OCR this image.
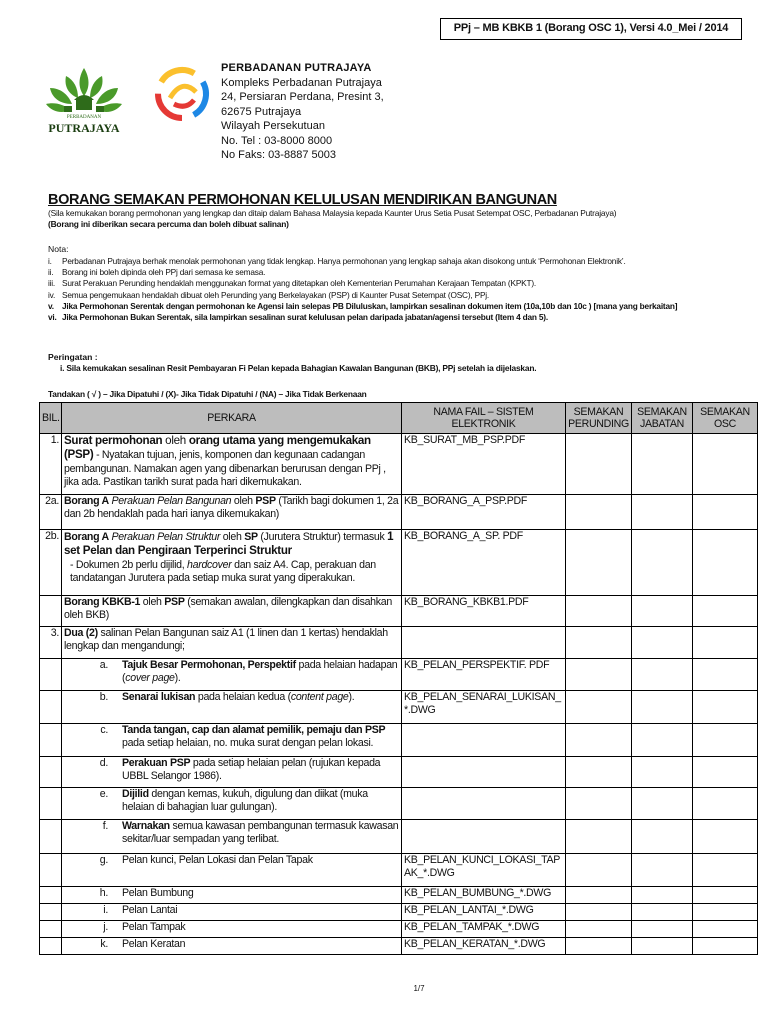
PPj – MB KBKB 1 (Borang OSC 1), Versi 4.0_Mei / 2014
PERBADANAN
PUTRAJAYA
PERBADANAN PUTRAJAYA
Kompleks Perbadanan Putrajaya
24, Persiaran Perdana, Presint 3,
62675 Putrajaya
Wilayah Persekutuan
No. Tel : 03-8000 8000
No Faks: 03-8887 5003
BORANG SEMAKAN PERMOHONAN KELULUSAN MENDIRIKAN BANGUNAN
(Sila kemukakan borang permohonan yang lengkap dan ditaip dalam Bahasa Malaysia kepada Kaunter Urus Setia Pusat Setempat OSC, Perbadanan Putrajaya)
(Borang ini diberikan secara percuma dan boleh dibuat salinan)
Nota:
i.	Perbadanan Putrajaya berhak menolak permohonan yang tidak lengkap. Hanya permohonan yang lengkap sahaja akan disokong untuk ‘Permohonan Elektronik’.
ii.	Borang ini boleh dipinda oleh PPj dari semasa ke semasa.
iii. Surat Perakuan Perunding hendaklah menggunakan format yang ditetapkan oleh Kementerian Perumahan Kerajaan Tempatan (KPKT).
iv. Semua pengemukaan hendaklah dibuat oleh Perunding yang Berkelayakan (PSP) di Kaunter Pusat Setempat (OSC), PPj.
v. Jika Permohonan Serentak dengan permohonan ke Agensi lain selepas PB Diluluskan, lampirkan sesalinan dokumen item (10a,10b dan 10c ) [mana yang berkaitan]
vi. Jika Permohonan Bukan Serentak, sila lampirkan sesalinan surat kelulusan pelan daripada jabatan/agensi tersebut (Item 4 dan 5).
Peringatan :
i. Sila kemukakan sesalinan Resit Pembayaran Fi Pelan kepada Bahagian Kawalan Bangunan (BKB), PPj setelah ia dijelaskan.
Tandakan ( √ ) – Jika Dipatuhi / (X)- Jika Tidak Dipatuhi / (NA) – Jika Tidak Berkenaan
BIL.	PERKARA	NAMA FAIL – SISTEM ELEKTRONIK	SEMAKAN PERUNDING	SEMAKAN JABATAN	SEMAKAN OSC
1.	Surat permohonan oleh orang utama yang mengemukakan (PSP) - Nyatakan tujuan, jenis, komponen dan kegunaan cadangan pembangunan. Namakan agen yang dibenarkan berurusan dengan PPj , jika ada. Pastikan tarikh surat pada hari dikemukakan.	KB_SURAT_MB_PSP.PDF			
2a.	Borang A Perakuan Pelan Bangunan oleh PSP (Tarikh bagi dokumen 1, 2a dan 2b hendaklah pada hari ianya dikemukakan)	KB_BORANG_A_PSP.PDF			
2b.	Borang A Perakuan Pelan Struktur oleh SP (Jurutera Struktur) termasuk 1 set Pelan dan Pengiraan Terperinci Struktur
- Dokumen 2b perlu dijilid, hardcover dan saiz A4. Cap, perakuan dan tandatangan Jurutera pada setiap muka surat yang diperakukan.	KB_BORANG_A_SP. PDF			
	Borang KBKB-1 oleh PSP (semakan awalan, dilengkapkan dan disahkan oleh BKB)	KB_BORANG_KBKB1.PDF			
3.	Dua (2) salinan Pelan Bangunan saiz A1 (1 linen dan 1 kertas) hendaklah lengkap dan mengandungi;				

	a. Tajuk Besar Permohonan, Perspektif pada helaian hadapan (cover page).	KB_PELAN_PERSPEKTIF. PDF			

	b. Senarai lukisan pada helaian kedua (content page).	KB_PELAN_SENARAI_LUKISAN_*.DWG			

	c. Tanda tangan, cap dan alamat pemilik, pemaju dan PSP pada setiap helaian, no. muka surat dengan pelan lokasi.				

	d. Perakuan PSP pada setiap helaian pelan (rujukan kepada UBBL Selangor 1986).				

	e. Dijilid dengan kemas, kukuh, digulung dan diikat (muka helaian di bahagian luar gulungan).				

	f. Warnakan semua kawasan pembangunan termasuk kawasan sekitar/luar sempadan yang terlibat.				

	g. Pelan kunci, Pelan Lokasi dan Pelan Tapak	KB_PELAN_KUNCI_LOKASI_TAPAK_*.DWG			

	h. Pelan Bumbung	KB_PELAN_BUMBUNG_*.DWG			

	i. Pelan Lantai	KB_PELAN_LANTAI_*.DWG			

	j. Pelan Tampak	KB_PELAN_TAMPAK_*.DWG			

	k. Pelan Keratan	KB_PELAN_KERATAN_*.DWG			
1/7
